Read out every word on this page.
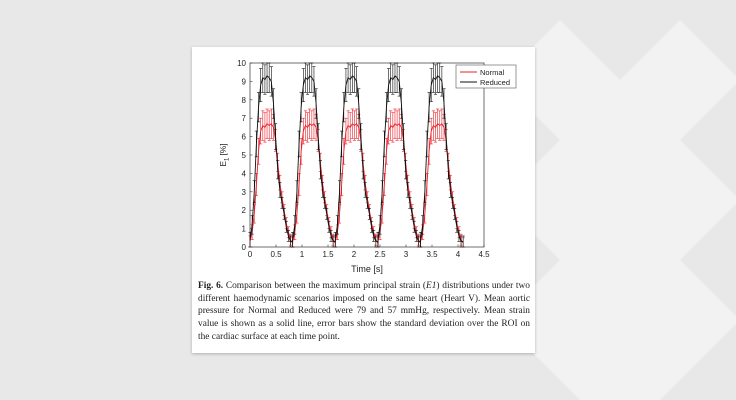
0 0.5 1 1.5 2 2.5 3 3.5 4 4.5
0
1
2
3
4
5
6
7
8
9
10
Time [s]
$E_1[\%]$
Normal
Reduced
Fig. 6. Comparison between the maximum principal strain (E1) distributions under two different haemodynamic scenarios imposed on the same heart (Heart V). Mean aortic pressure for Normal and Reduced were 79 and 57 mmHg, respectively. Mean strain value is shown as a solid line, error bars show the standard deviation over the ROI on the cardiac surface at each time point.
